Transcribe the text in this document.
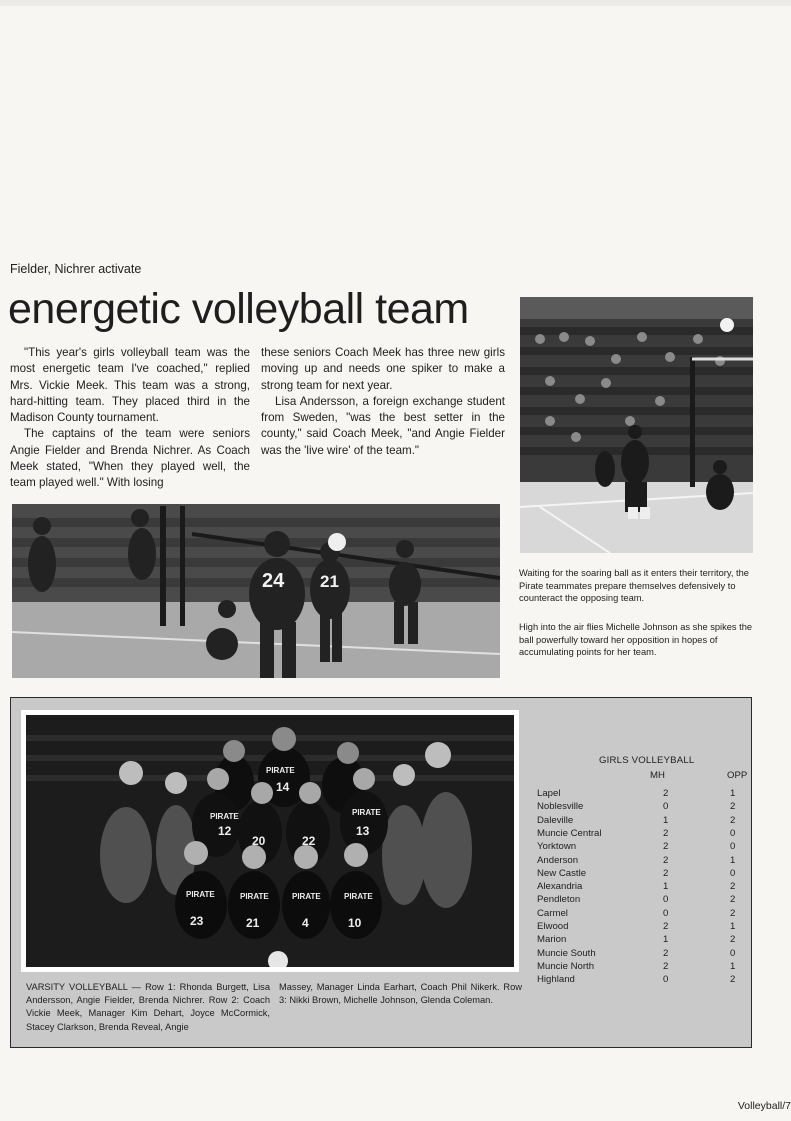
Fielder, Nichrer activate
energetic volleyball team

"This year's girls volleyball team was the most energetic team I've coached," replied Mrs. Vickie Meek. This team was a strong, hard-hitting team. They placed third in the Madison County tournament.

The captains of the team were seniors Angie Fielder and Brenda Nichrer. As Coach Meek stated, "When they played well, the team played well." With losing

these seniors Coach Meek has three new girls moving up and needs one spiker to make a strong team for next year.

Lisa Andersson, a foreign exchange student from Sweden, "was the best setter in the county," said Coach Meek, "and Angie Fielder was the 'live wire' of the team."

Waiting for the soaring ball as it enters their territory, the Pirate teammates prepare themselves defensively to counteract the opposing team.
High into the air flies Michelle Johnson as she spikes the ball powerfully toward her opposition in hopes of accumulating points for her team.
24 21
14
12
20	22
13
23	21	4	10
PIRATE
PIRATE	PIRATE
PIRATE	PIRATE	PIRATE	PIRATE
VARSITY VOLLEYBALL — Row 1: Rhonda Burgett, Lisa Andersson, Angie Fielder, Brenda Nichrer. Row 2: Coach Vickie Meek, Manager Kim Dehart, Joyce McCormick, Stacey Clarkson, Brenda Reveal, Angie
Massey, Manager Linda Earhart, Coach Phil Nikerk. Row 3: Nikki Brown, Michelle Johnson, Glenda Coleman.
GIRLS VOLLEYBALL
MH	OPP
Lapel	2	1
Noblesville	0	2
Daleville	1	2
Muncie Central	2	0
Yorktown	2	0
Anderson	2	1
New Castle	2	0
Alexandria	1	2
Pendleton	0	2
Carmel	0	2
Elwood	2	1
Marion	1	2
Muncie South	2	0
Muncie North	2	1
Highland	0	2
Volleyball/7
